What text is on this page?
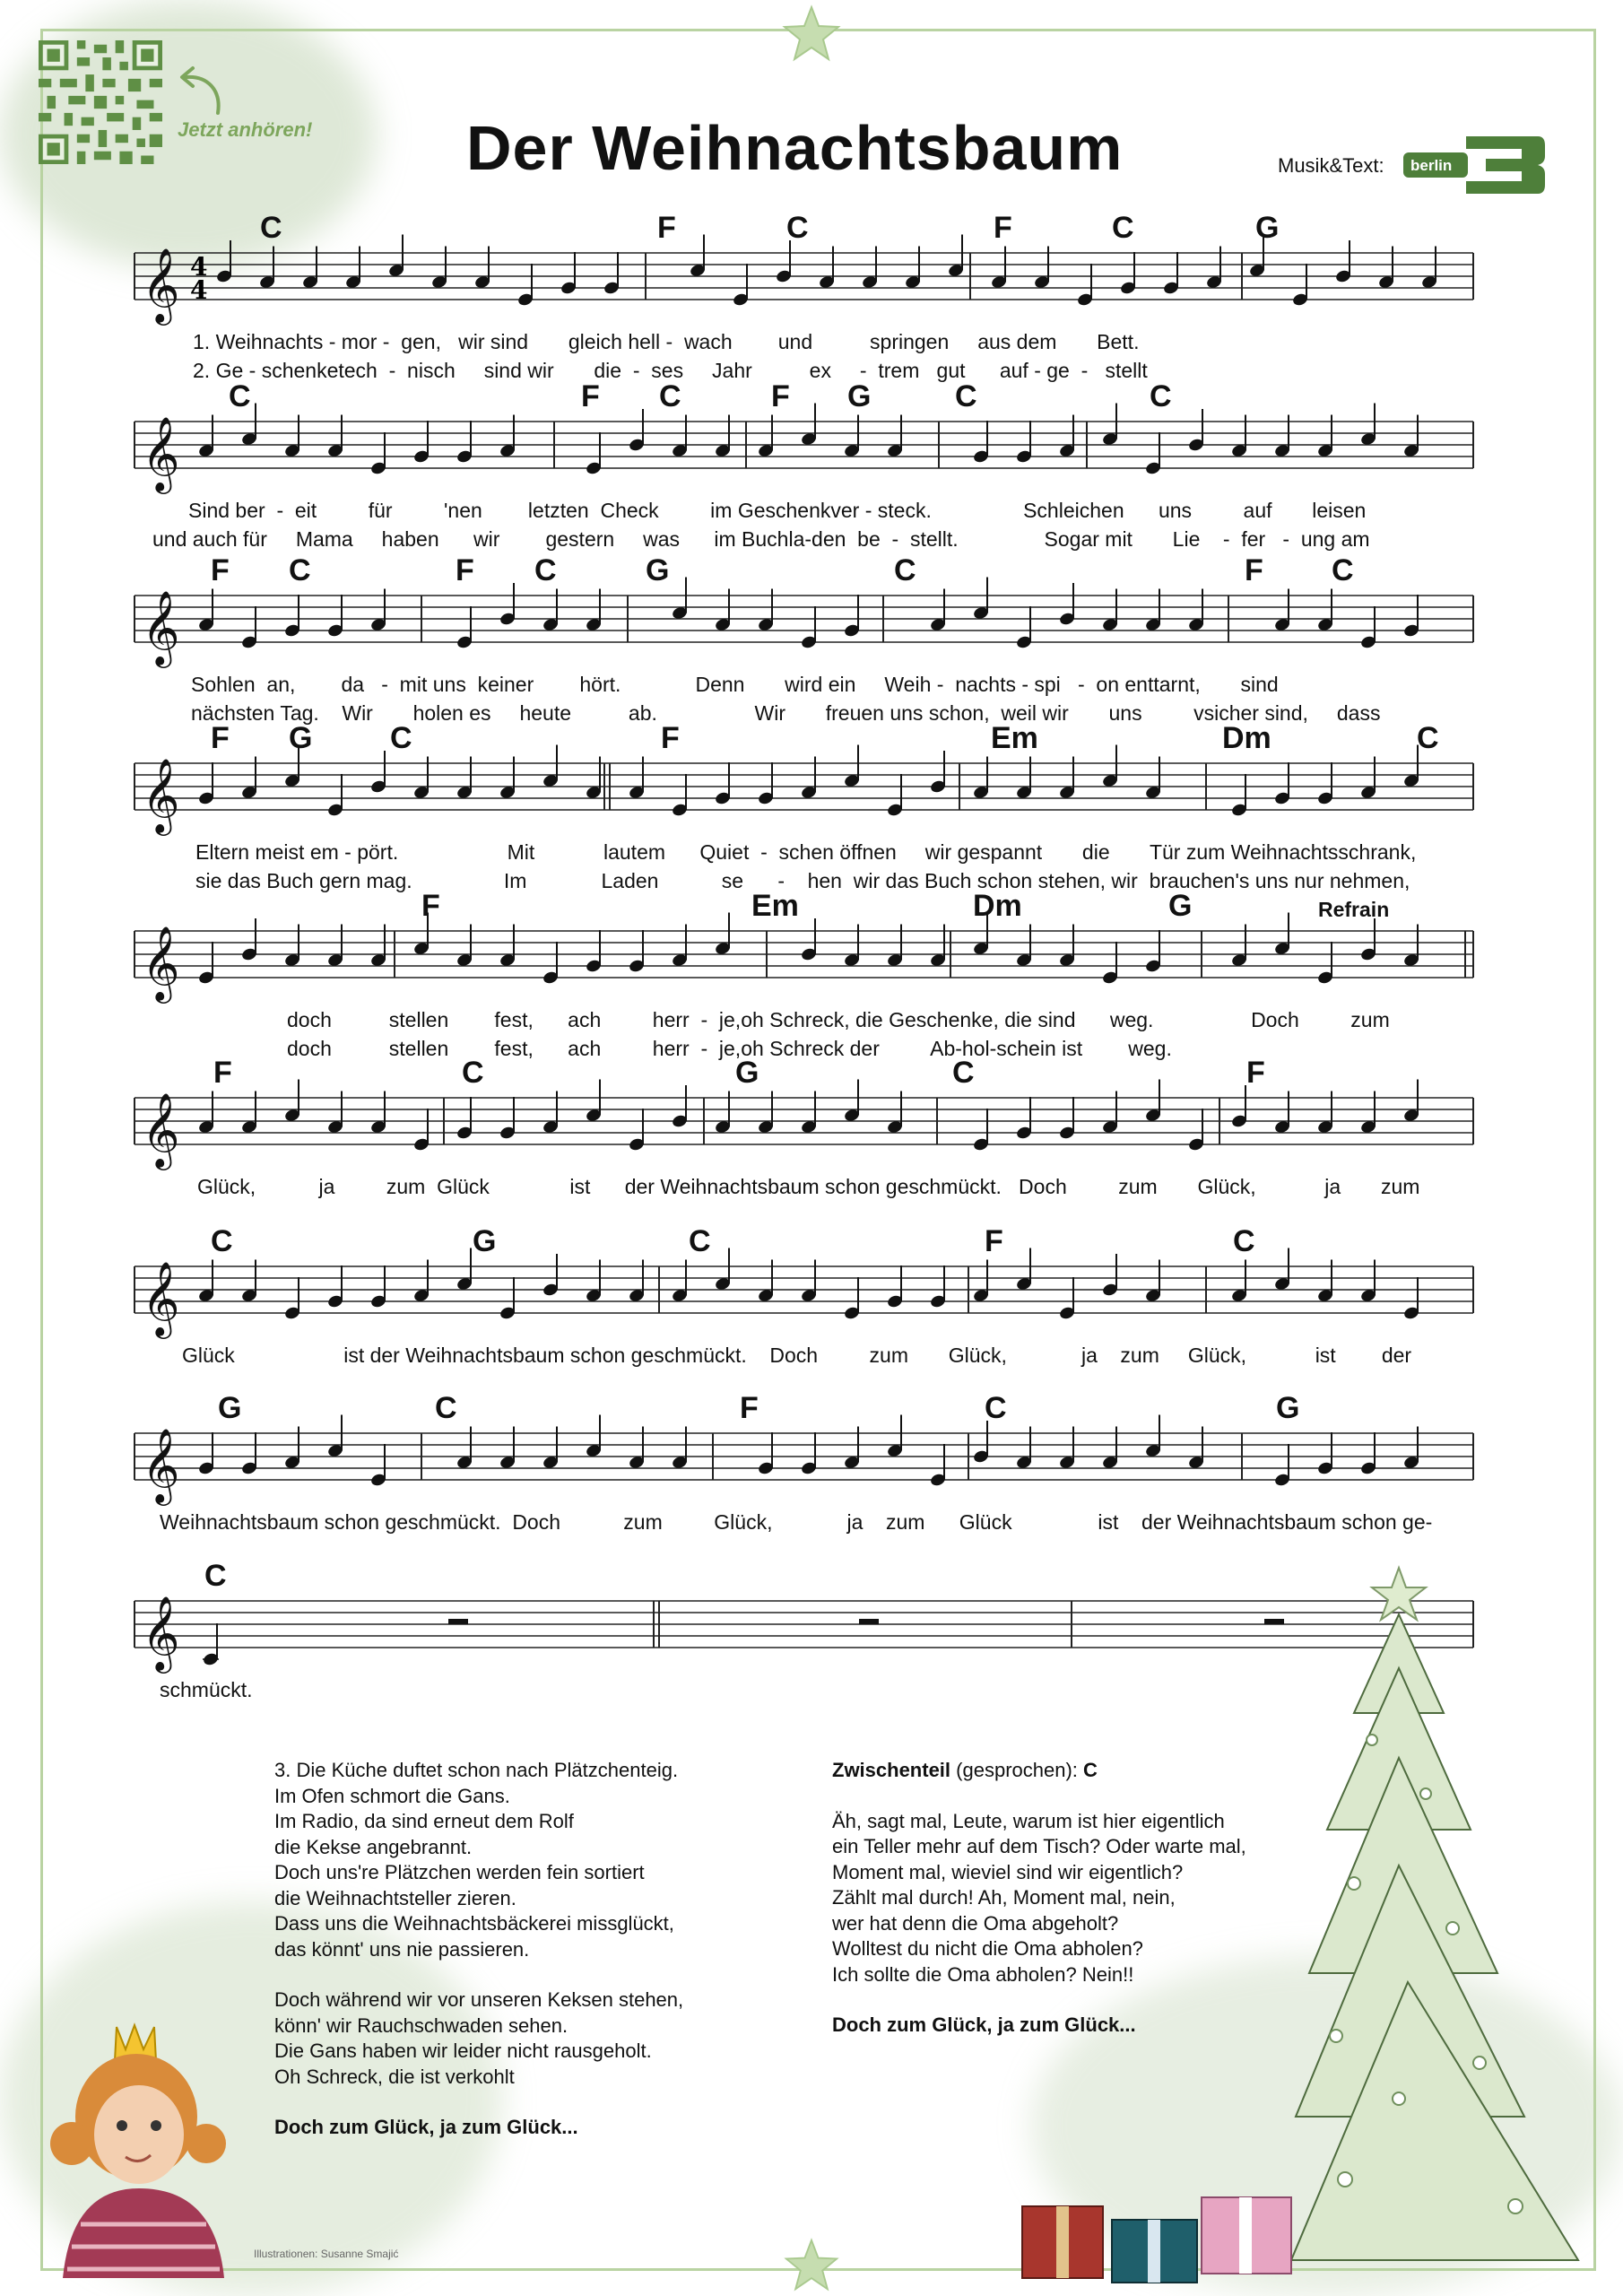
Jetzt anhören! Der Weihnachtsbaum	Musik&Text: berlin
𝄞 4
4
𝄞
𝄞
𝄞
𝄞
𝄞
𝄞
𝄞
𝄞
C	F	C	F	C	G
1. Weihnachts - mor -  gen,   wir sind       gleich hell -  wach        und          springen     aus dem       Bett.
2. Ge - schenketech  -  nisch     sind wir       die  -  ses     Jahr          ex     -  trem   gut      auf - ge  -   stellt
C	F C	F G	C	C
Sind ber  -  eit         für         'nen        letzten  Check         im Geschenkver - steck.                Schleichen      uns         auf       leisen
und auch für     Mama     haben      wir        gestern     was      im Buchla-den  be  -  stellt.               Sogar mit       Lie    -  fer   -  ung am
F C	F C	G	C	F C
Sohlen  an,        da   -  mit uns  keiner        hört.             Denn       wird ein     Weih -  nachts - spi   -  on enttarnt,       sind
nächsten Tag.    Wir       holen es     heute          ab.                 Wir       freuen uns schon,  weil wir       uns         vsicher sind,     dass
F G	C	F	Em	Dm	C
Eltern meist em - pört.                   Mit            lautem      Quiet  -  schen öffnen     wir gespannt       die       Tür zum Weihnachtsschrank,
sie das Buch gern mag.                Im             Laden           se      -    hen  wir das Buch schon stehen, wir  brauchen's uns nur nehmen,
F	Em	Dm	G	Refrain
doch          stellen        fest,      ach         herr  -  je,oh Schreck, die Geschenke, die sind      weg.                 Doch         zum
doch          stellen        fest,      ach         herr  -  je,oh Schreck der         Ab-hol-schein ist        weg.
F	C	G	C	F
Glück,           ja         zum  Glück              ist      der Weihnachtsbaum schon geschmückt.   Doch         zum       Glück,            ja       zum
C	G	C	F	C
Glück                   ist der Weihnachtsbaum schon geschmückt.    Doch         zum       Glück,             ja    zum     Glück,            ist        der
G	C	F	C	G
Weihnachtsbaum schon geschmückt.  Doch           zum         Glück,             ja    zum      Glück               ist    der Weihnachtsbaum schon ge-
C
schmückt.

3. Die Küche duftet schon nach Plätzchenteig.

Im Ofen schmort die Gans.

Im Radio, da sind erneut dem Rolf

die Kekse angebrannt.

Doch uns're Plätzchen werden fein sortiert

die Weihnachtsteller zieren.

Dass uns die Weihnachtsbäckerei missglückt,

das könnt' uns nie passieren.

Doch während wir vor unseren Keksen stehen,

könn' wir Rauchschwaden sehen.

Die Gans haben wir leider nicht rausgeholt.

Oh Schreck, die ist verkohlt

Doch zum Glück, ja zum Glück...

Zwischenteil (gesprochen): C

Äh, sagt mal, Leute, warum ist hier eigentlich

ein Teller mehr auf dem Tisch? Oder warte mal,

Moment mal, wieviel sind wir eigentlich?

Zählt mal durch! Ah, Moment mal, nein,

wer hat denn die Oma abgeholt?

Wolltest du nicht die Oma abholen?

Ich sollte die Oma abholen? Nein!!

Doch zum Glück, ja zum Glück...

Illustrationen: Susanne Smajić
